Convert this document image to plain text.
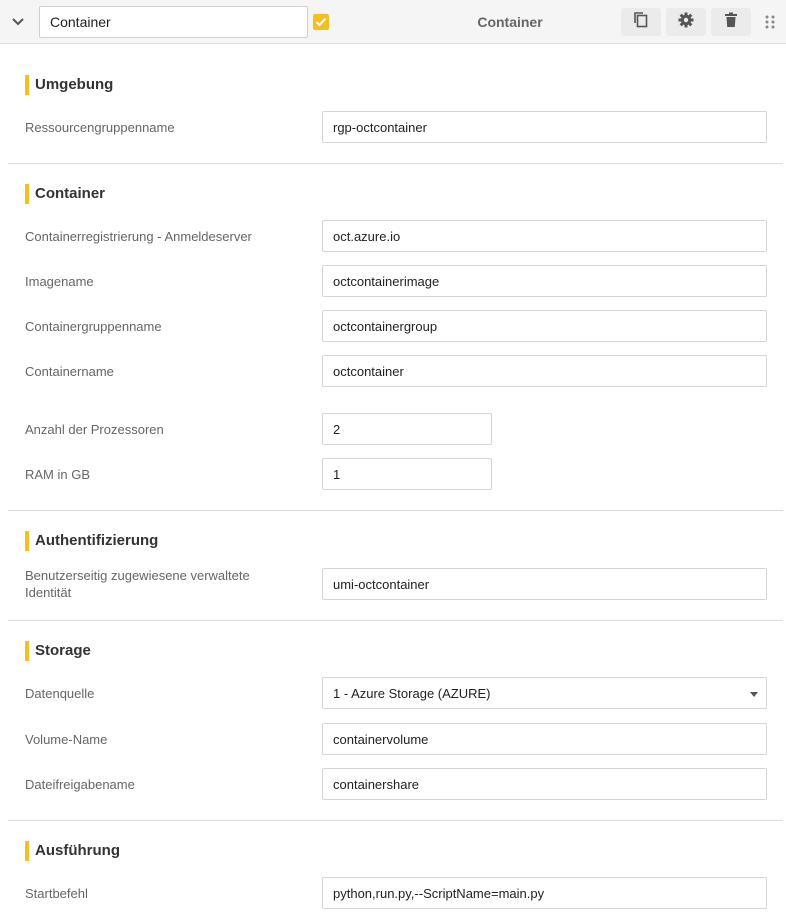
Container
Container
Umgebung
Ressourcengruppenname
rgp-octcontainer
Container
Containerregistrierung - Anmeldeserver
oct.azure.io
Imagename
octcontainerimage
Containergruppenname
octcontainergroup
Containername
octcontainer
Anzahl der Prozessoren
2
RAM in GB
1
Authentifizierung
Benutzerseitig zugewiesene verwaltete Identität
umi-octcontainer
Storage
Datenquelle	1 - Azure Storage (AZURE)
Volume-Name
containervolume
Dateifreigabename
containershare
Ausführung
Startbefehl
python,run.py,--ScriptName=main.py
